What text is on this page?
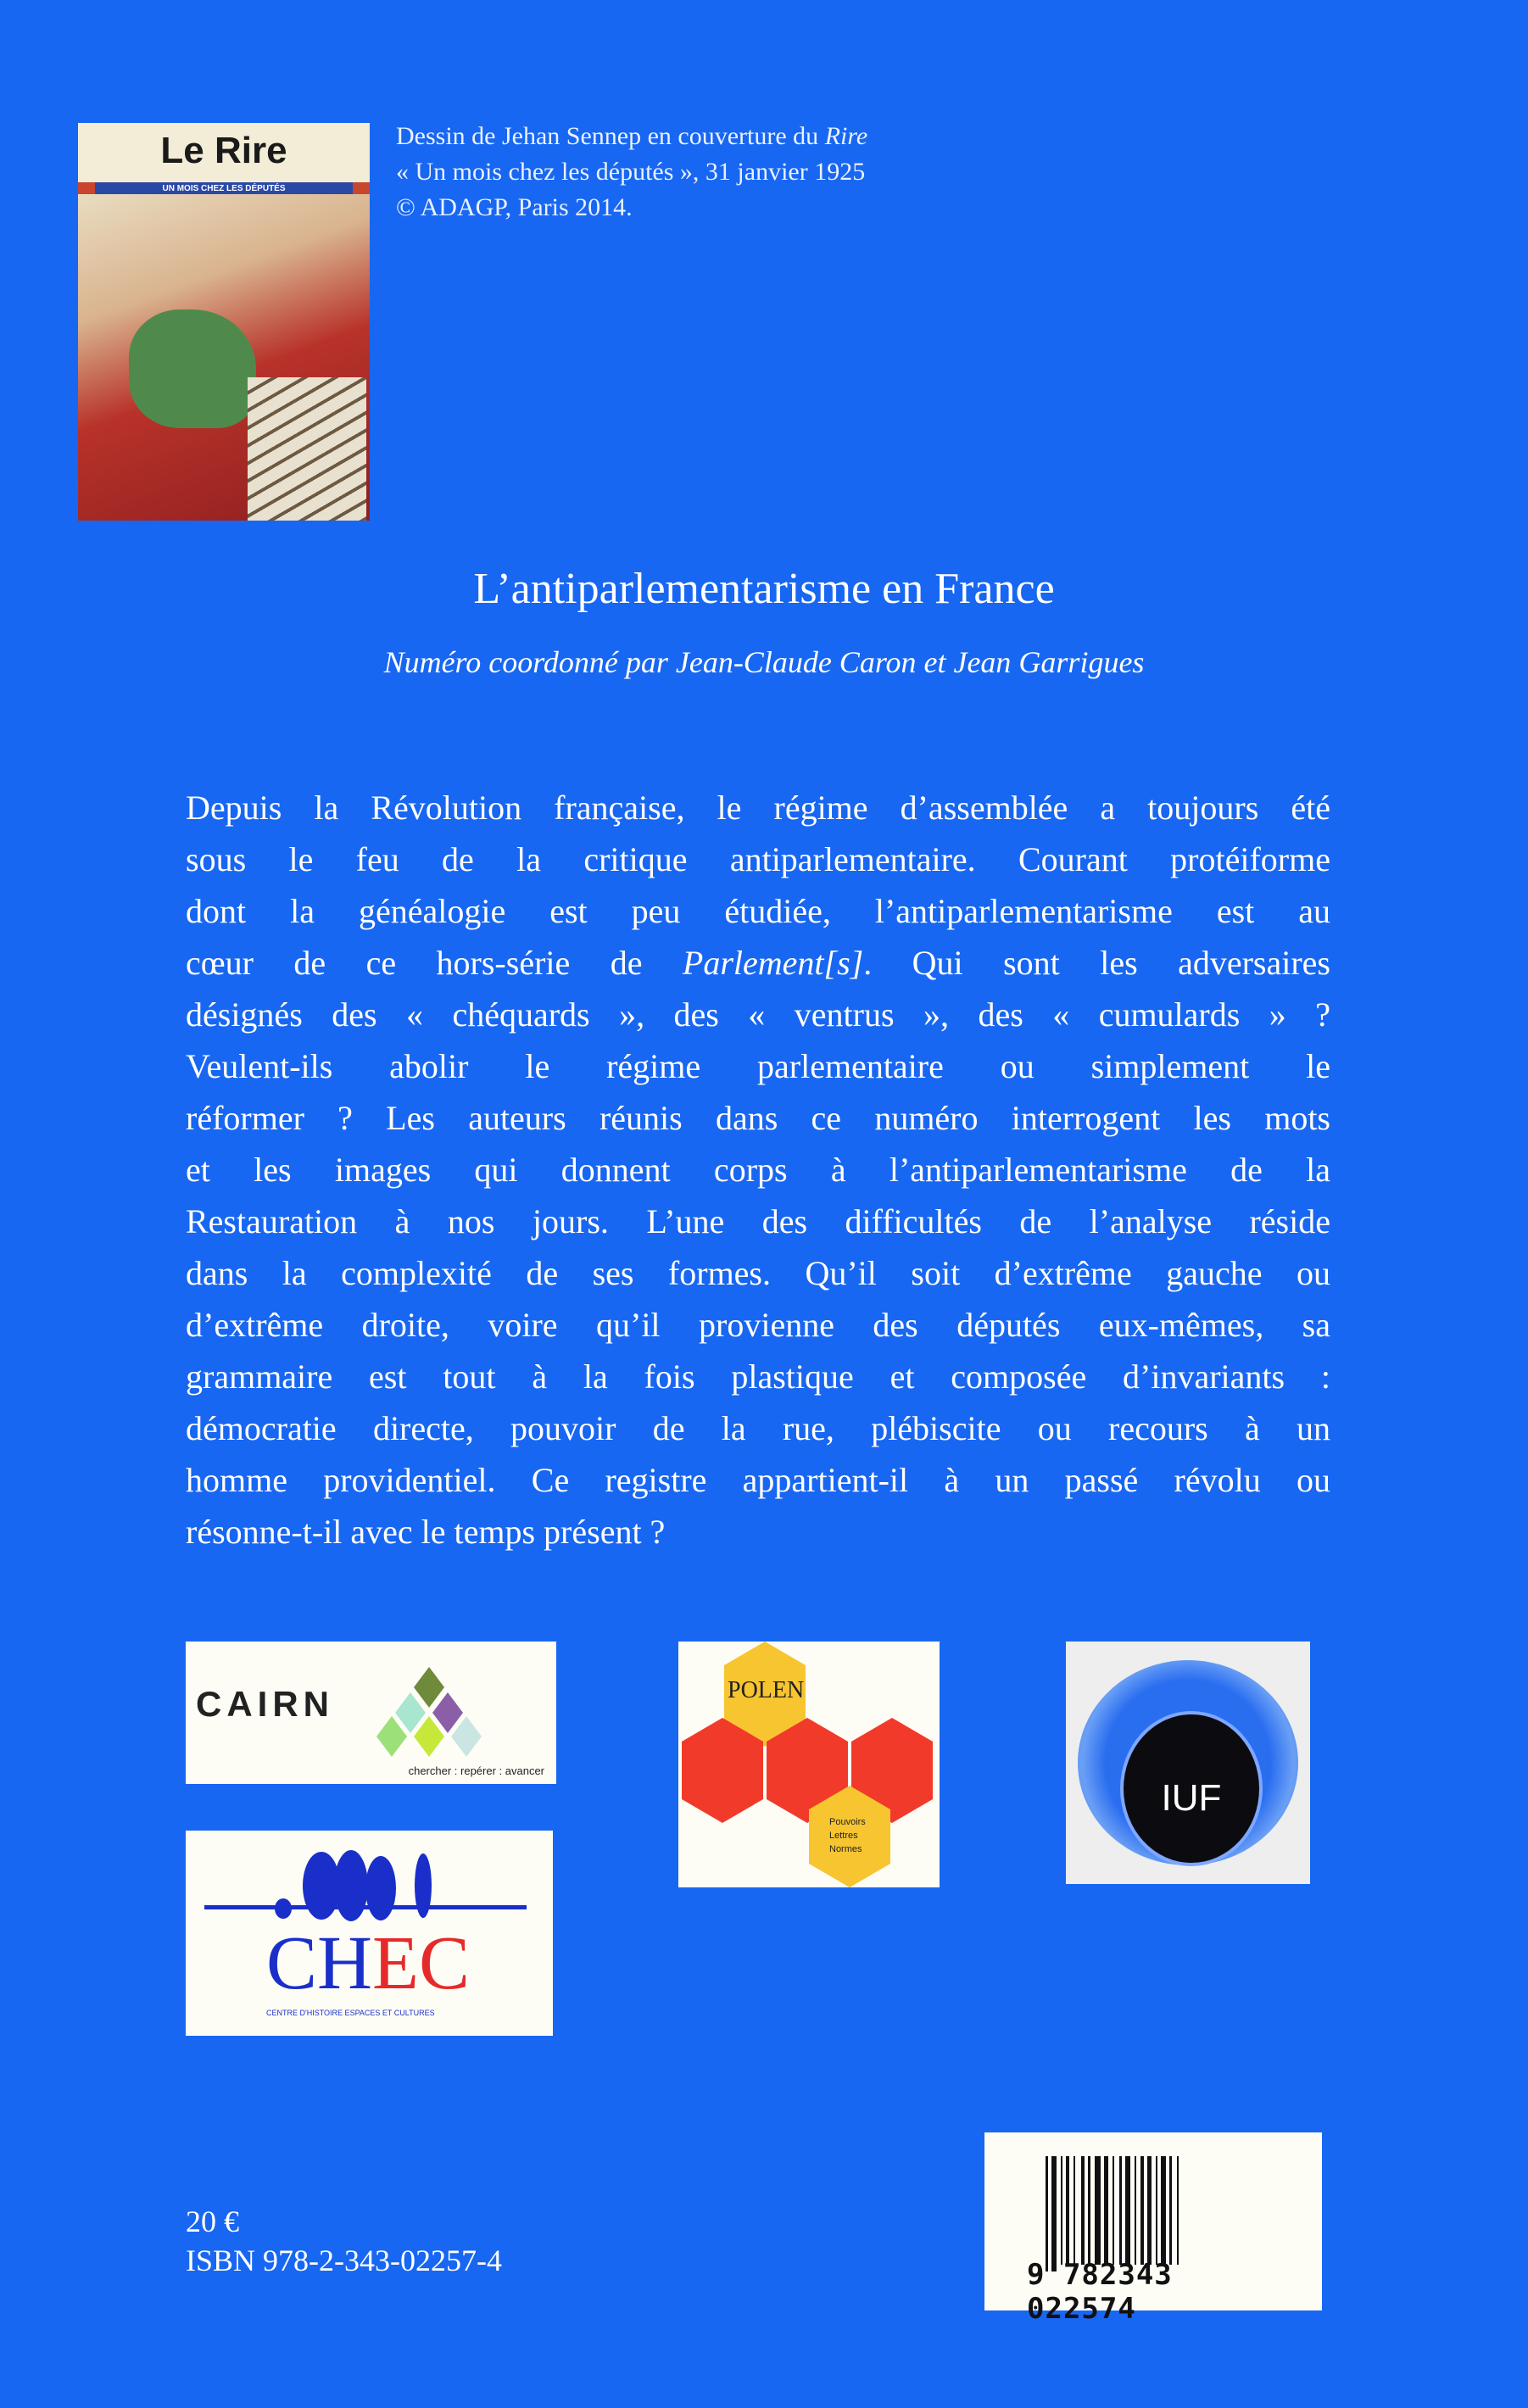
Le Rire
UN MOIS CHEZ LES DÉPUTÉS
Dessin de Jehan Sennep en couverture du Rire
« Un mois chez les députés », 31 janvier 1925
© ADAGP, Paris 2014.
L’antiparlementarisme en France
Numéro coordonné par Jean-Claude Caron et Jean Garrigues
Depuis la Révolution française, le régime d’assemblée a toujours été
sous le feu de la critique antiparlementaire. Courant protéiforme
dont la généalogie est peu étudiée, l’antiparlementarisme est au
cœur de ce hors-série de Parlement[s]. Qui sont les adversaires
désignés des « chéquards », des « ventrus », des « cumulards » ?
Veulent-ils abolir le régime parlementaire ou simplement le
réformer ? Les auteurs réunis dans ce numéro interrogent les mots
et les images qui donnent corps à l’antiparlementarisme de la
Restauration à nos jours. L’une des difficultés de l’analyse réside
dans la complexité de ses formes. Qu’il soit d’extrême gauche ou
d’extrême droite, voire qu’il provienne des députés eux-mêmes, sa
grammaire est tout à la fois plastique et composée d’invariants :
démocratie directe, pouvoir de la rue, plébiscite ou recours à un
homme providentiel. Ce registre appartient-il à un passé révolu ou
résonne-t-il avec le temps présent ?
CAIRN
chercher : repérer : avancer
POLEN
Pouvoirs
Lettres
Normes
IUF
CHEC
CENTRE D'HISTOIRE ESPACES ET CULTURES
9 782343 022574
20 €
ISBN 978-2-343-02257-4
